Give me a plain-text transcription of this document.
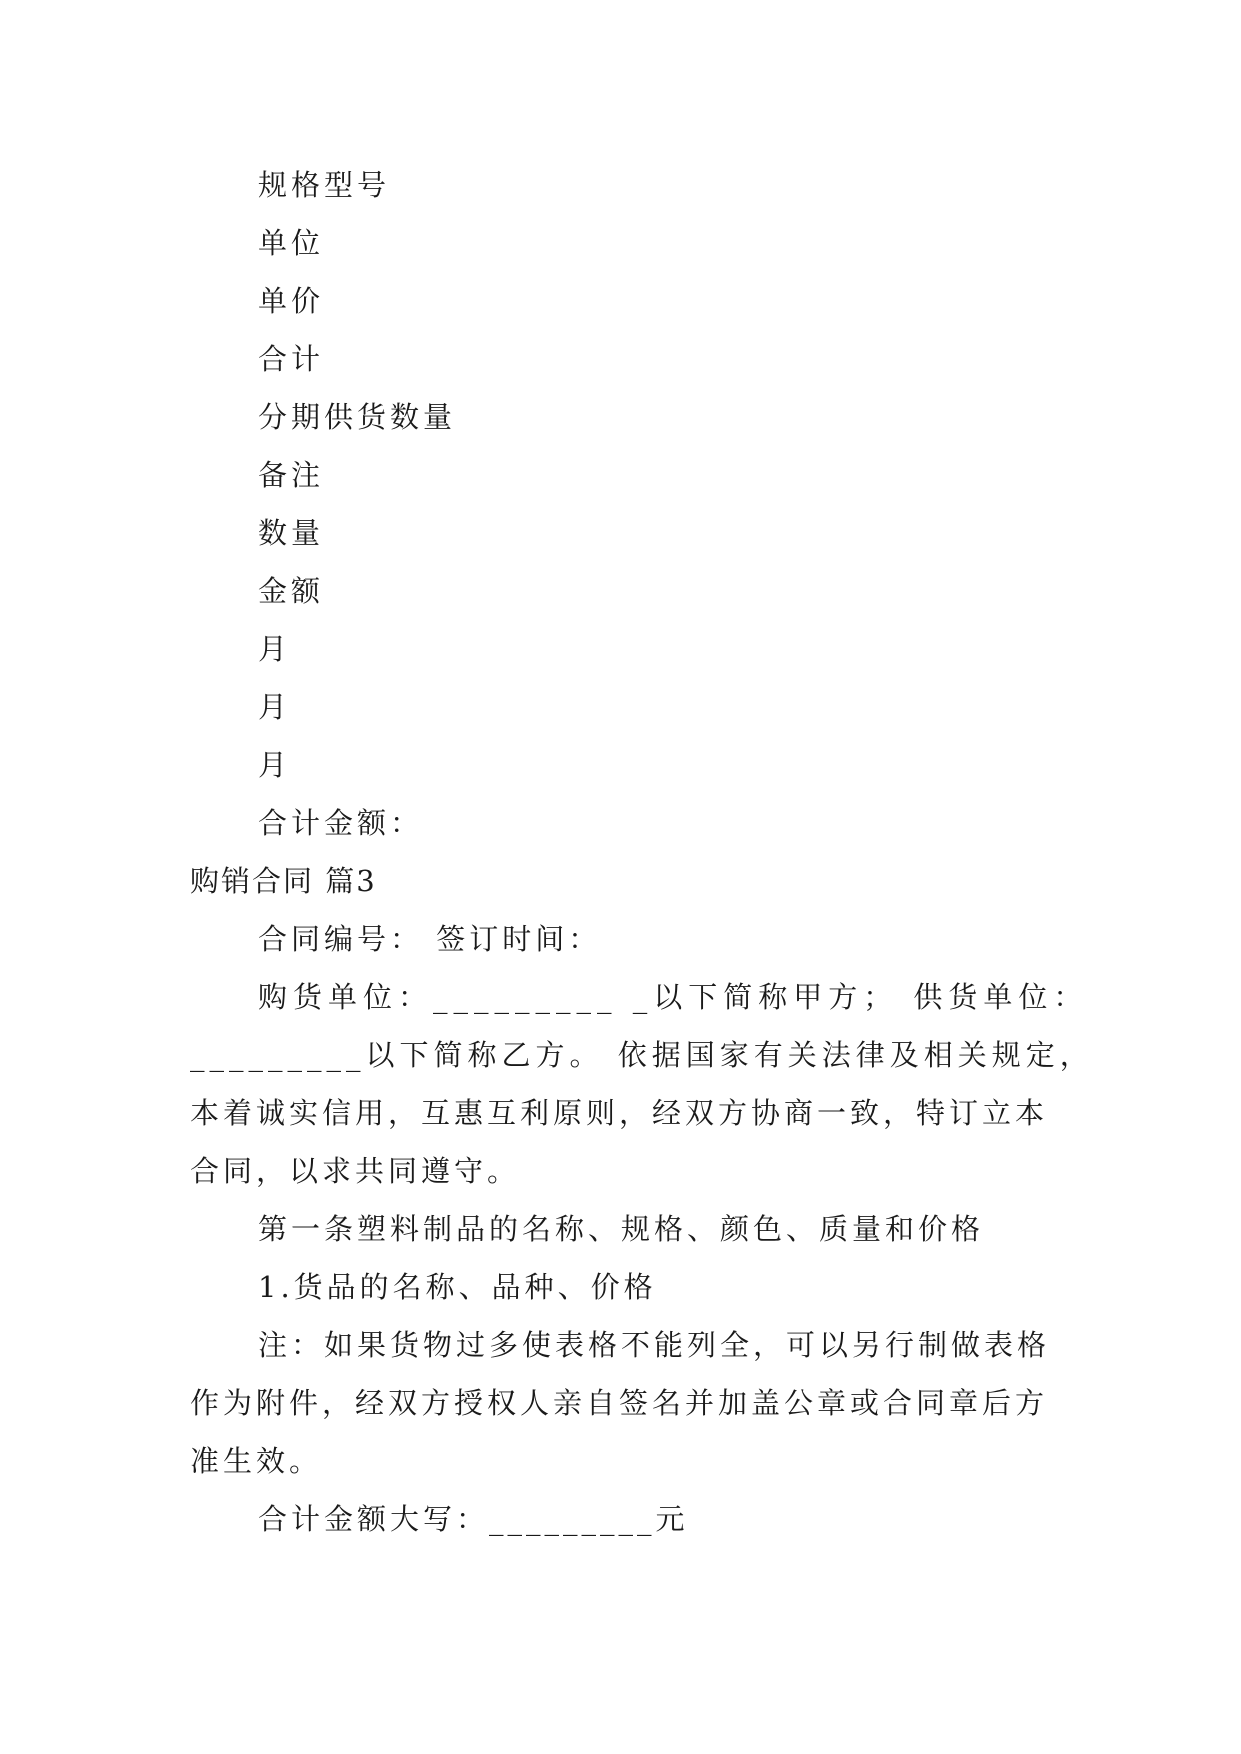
规格型号
单位
单价
合计
分期供货数量
备注
数量
金额
月
月
月
合计金额：
购销合同 篇3
合同编号： 签订时间：
购货单位：_________ _以下简称甲方； 供货单位：
_________以下简称乙方。 依据国家有关法律及相关规定，
本着诚实信用，互惠互利原则，经双方协商一致，特订立本
合同，以求共同遵守。
第一条塑料制品的名称、规格、颜色、质量和价格
1.货品的名称、品种、价格
注：如果货物过多使表格不能列全，可以另行制做表格
作为附件，经双方授权人亲自签名并加盖公章或合同章后方
准生效。
合计金额大写：_________元
